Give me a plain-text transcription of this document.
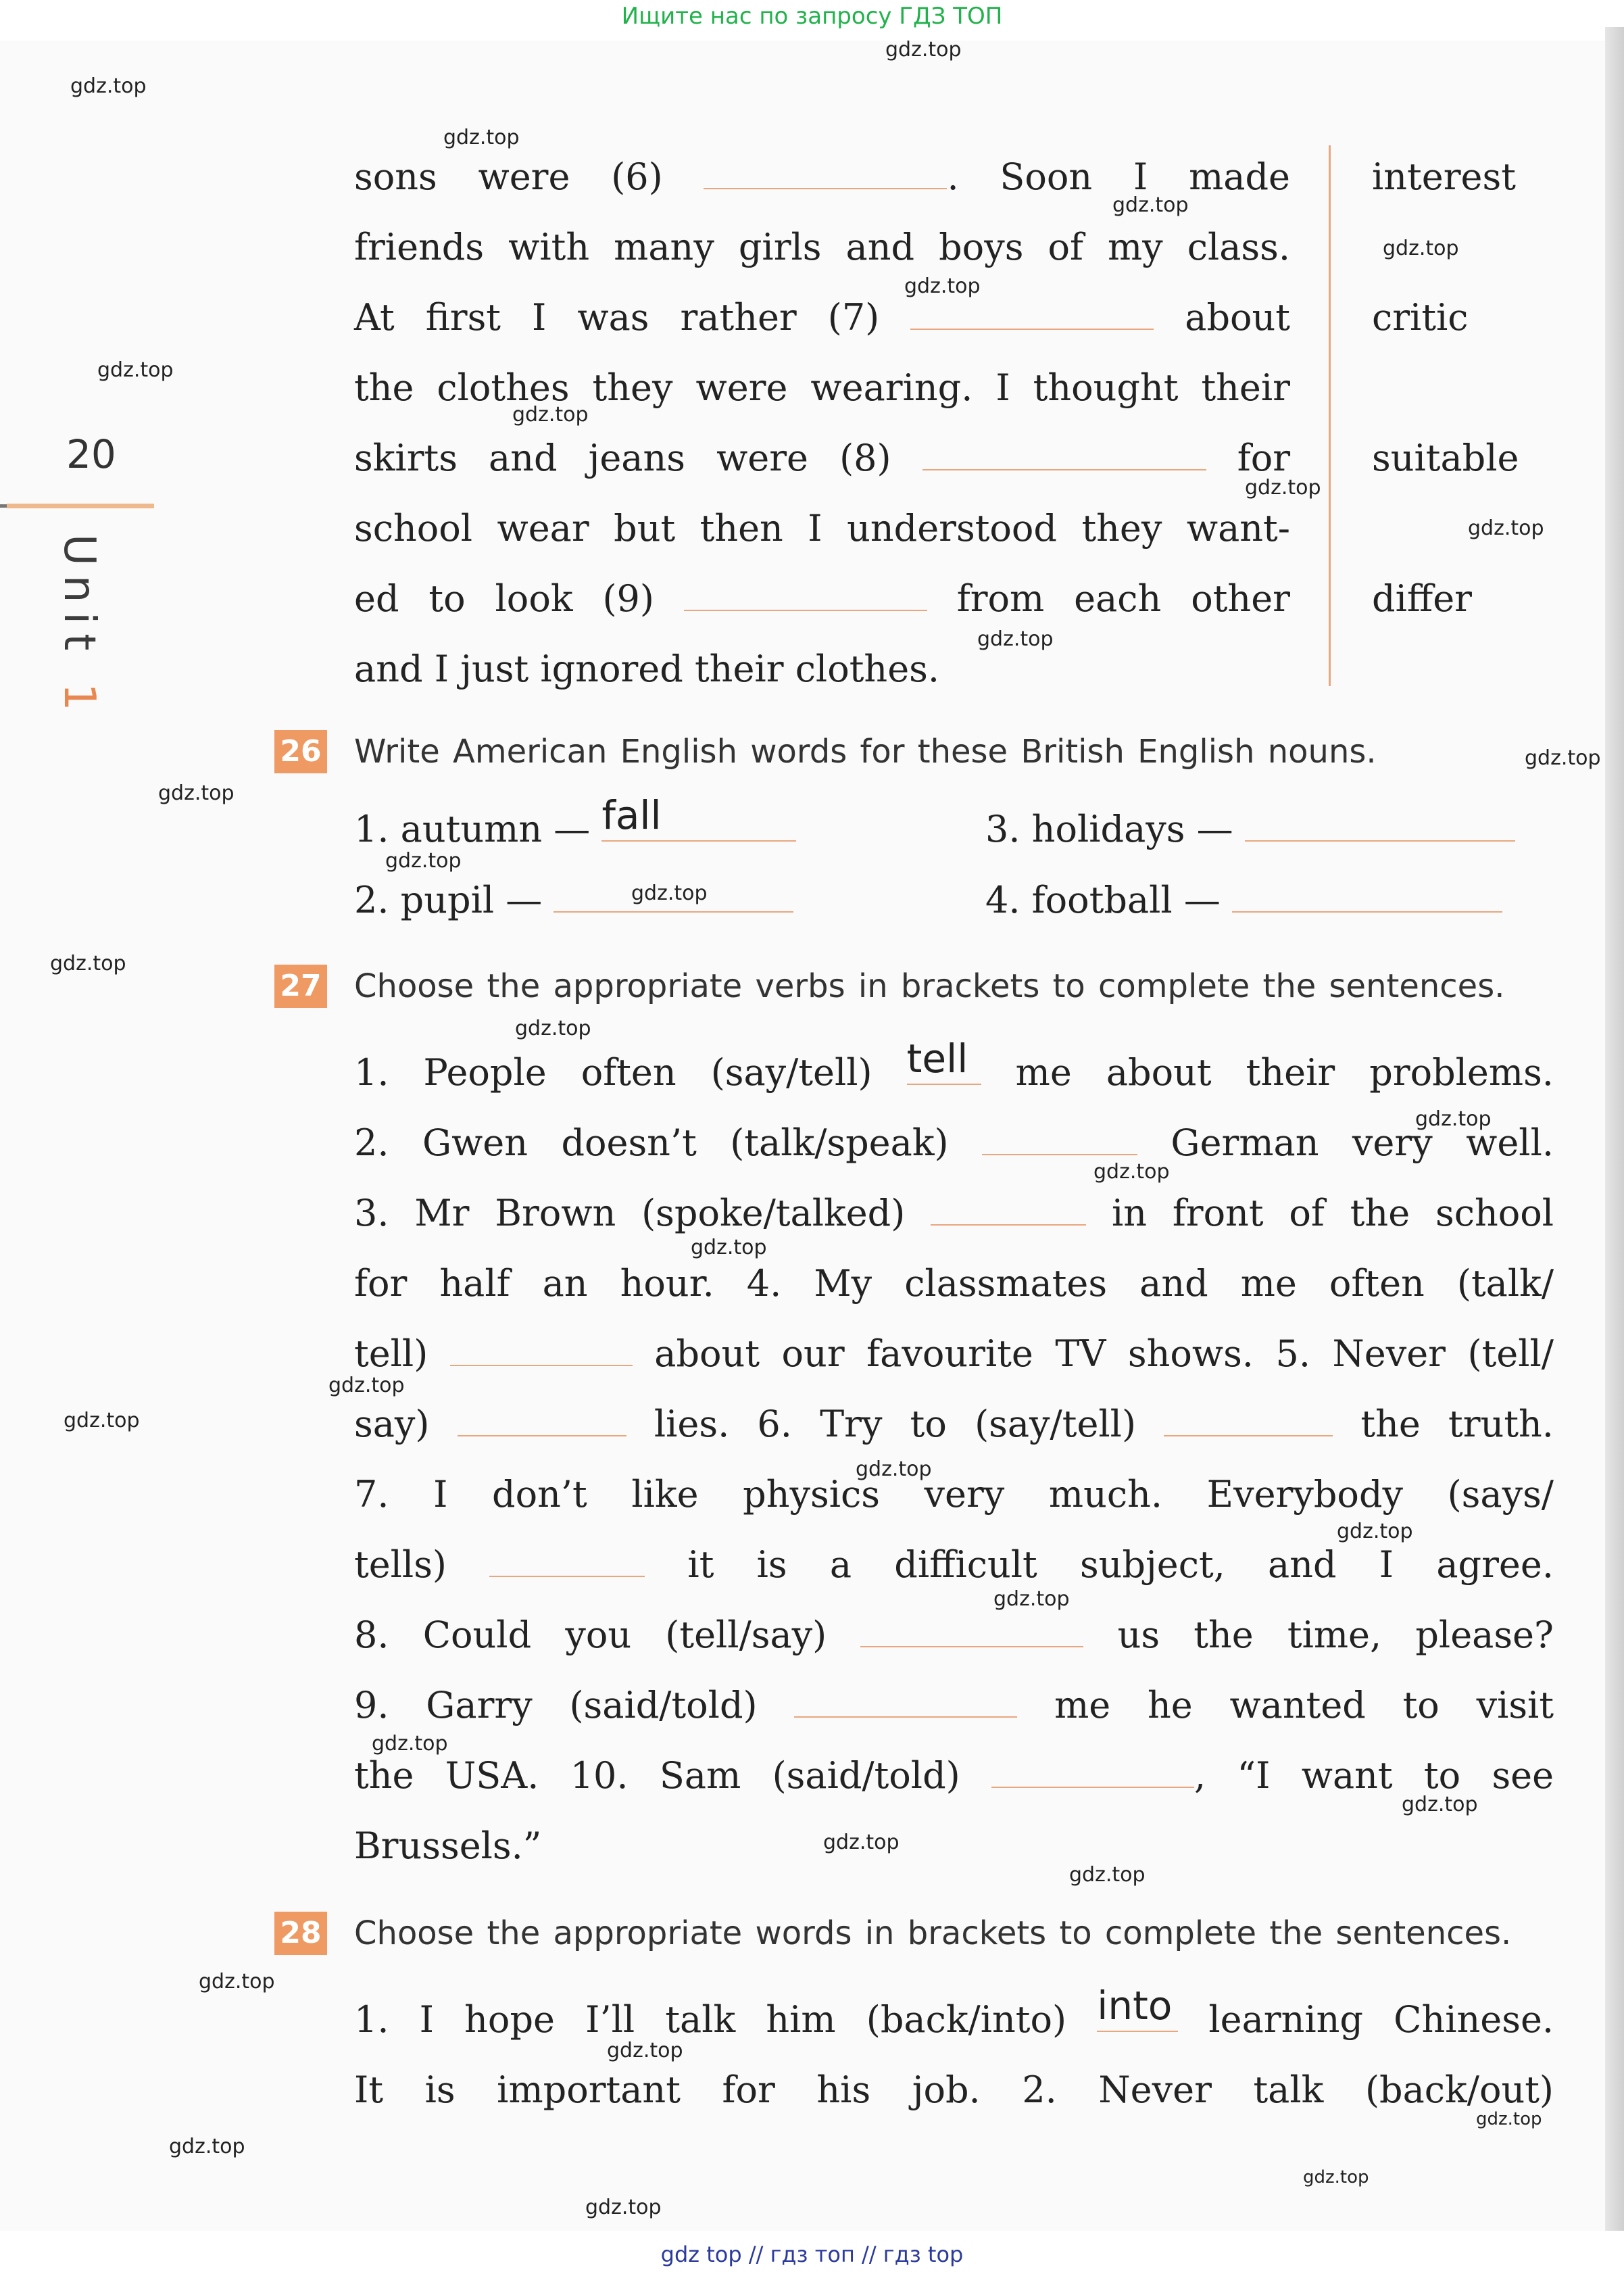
Ищите нас по запросу ГДЗ ТОП
20
Unit 1
sons were (6)	. Soon I made
friends with many girls and boys of my class.
At first I was rather (7)	about
the clothes they were wearing. I thought their
skirts and jeans were (8)	for
school wear but then I understood they want-
ed to look (9)	from each other
and I just ignored their clothes.
interest
critic
suitable
differ
26 Write American English words for these British English nouns.
1. autumn — fall
2. pupil —
3. holidays —
4. football —
27 Choose the appropriate verbs in brackets to complete the sentences.
1. People often (say/tell) tell me about their problems.
2. Gwen doesn’t (talk/speak)	German very well.
3. Mr Brown (spoke/talked)	in front of the school
for half an hour. 4. My classmates and me often (talk/
tell)	about our favourite TV shows. 5. Never (tell/
say)	lies. 6. Try to (say/tell)	the truth.
7. I don’t like physics very much. Everybody (says/
tells)	it is a difficult subject, and I agree.
8. Could you (tell/say)	us the time, please?
9. Garry (said/told)	me he wanted to visit
the USA. 10. Sam (said/told)	, “I want to see
Brussels.”
28 Choose the appropriate words in brackets to complete the sentences.
1. I hope I’ll talk him (back/into) into learning Chinese.
It is important for his job. 2. Never talk (back/out)
gdz.top
gdz.top
gdz.top
gdz.top
gdz.top
gdz.top
gdz.top
gdz.top
gdz.top
gdz.top
gdz.top
gdz.top
gdz.top
gdz.top
gdz.top
gdz.top
gdz.top
gdz.top
gdz.top
gdz.top
gdz.top
gdz.top
gdz.top
gdz.top
gdz.top
gdz.top
gdz.top
gdz.top
gdz.top
gdz.top
gdz.top
gdz.top
gdz.top
gdz.top
gdz.top
gdz top // гдз топ // гдз top
